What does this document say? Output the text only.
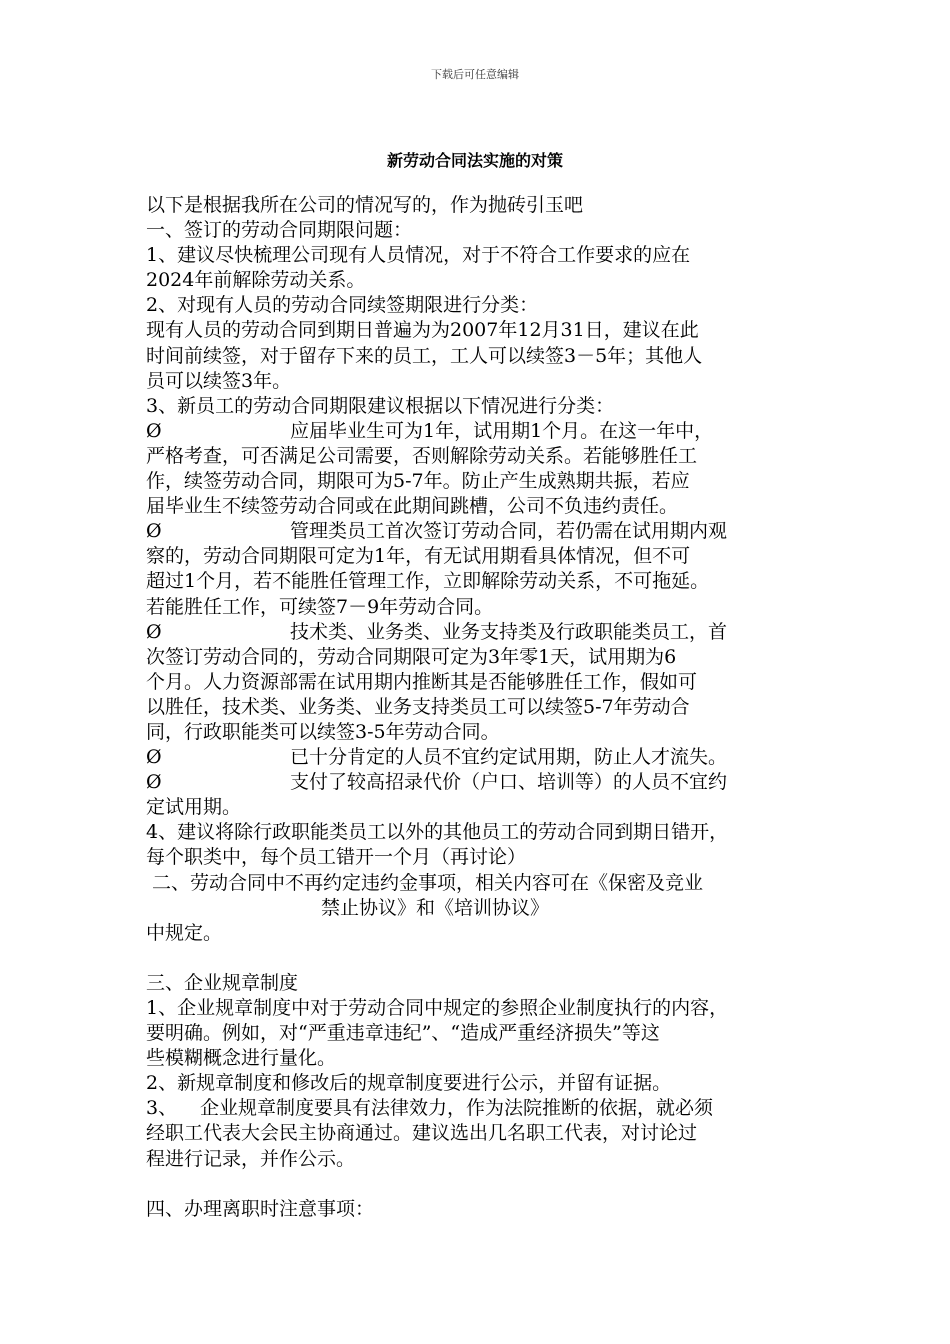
下载后可任意编辑
新劳动合同法实施的对策
以下是根据我所在公司的情况写的，作为抛砖引玉吧
一、签订的劳动合同期限问题：
1、建议尽快梳理公司现有人员情况，对于不符合工作要求的应在
2024年前解除劳动关系。
2、对现有人员的劳动合同续签期限进行分类：
现有人员的劳动合同到期日普遍为为2007年12月31日，建议在此
时间前续签，对于留存下来的员工，工人可以续签3－5年；其他人
员可以续签3年。
3、新员工的劳动合同期限建议根据以下情况进行分类：
Ø	应届毕业生可为1年，试用期1个月。在这一年中，
严格考查，可否满足公司需要，否则解除劳动关系。若能够胜任工
作，续签劳动合同，期限可为5-7年。防止产生成熟期共振，若应
届毕业生不续签劳动合同或在此期间跳槽，公司不负违约责任。
Ø	管理类员工首次签订劳动合同，若仍需在试用期内观
察的，劳动合同期限可定为1年，有无试用期看具体情况，但不可
超过1个月，若不能胜任管理工作，立即解除劳动关系，不可拖延。
若能胜任工作，可续签7－9年劳动合同。
Ø	技术类、业务类、业务支持类及行政职能类员工，首
次签订劳动合同的，劳动合同期限可定为3年零1天，试用期为6
个月。人力资源部需在试用期内推断其是否能够胜任工作，假如可
以胜任，技术类、业务类、业务支持类员工可以续签5-7年劳动合
同，行政职能类可以续签3-5年劳动合同。
Ø	已十分肯定的人员不宜约定试用期，防止人才流失。
Ø	支付了较高招录代价（户口、培训等）的人员不宜约
定试用期。
4、建议将除行政职能类员工以外的其他员工的劳动合同到期日错开，
每个职类中，每个员工错开一个月（再讨论）
二、劳动合同中不再约定违约金事项，相关内容可在《保密及竞业
禁止协议》和《培训协议》
中规定。
三、企业规章制度
1、企业规章制度中对于劳动合同中规定的参照企业制度执行的内容，
要明确。例如，对“严重违章违纪”、“造成严重经济损失”等这
些模糊概念进行量化。
2、新规章制度和修改后的规章制度要进行公示，并留有证据。
3、 企业规章制度要具有法律效力，作为法院推断的依据，就必须
经职工代表大会民主协商通过。建议选出几名职工代表，对讨论过
程进行记录，并作公示。
四、办理离职时注意事项：
